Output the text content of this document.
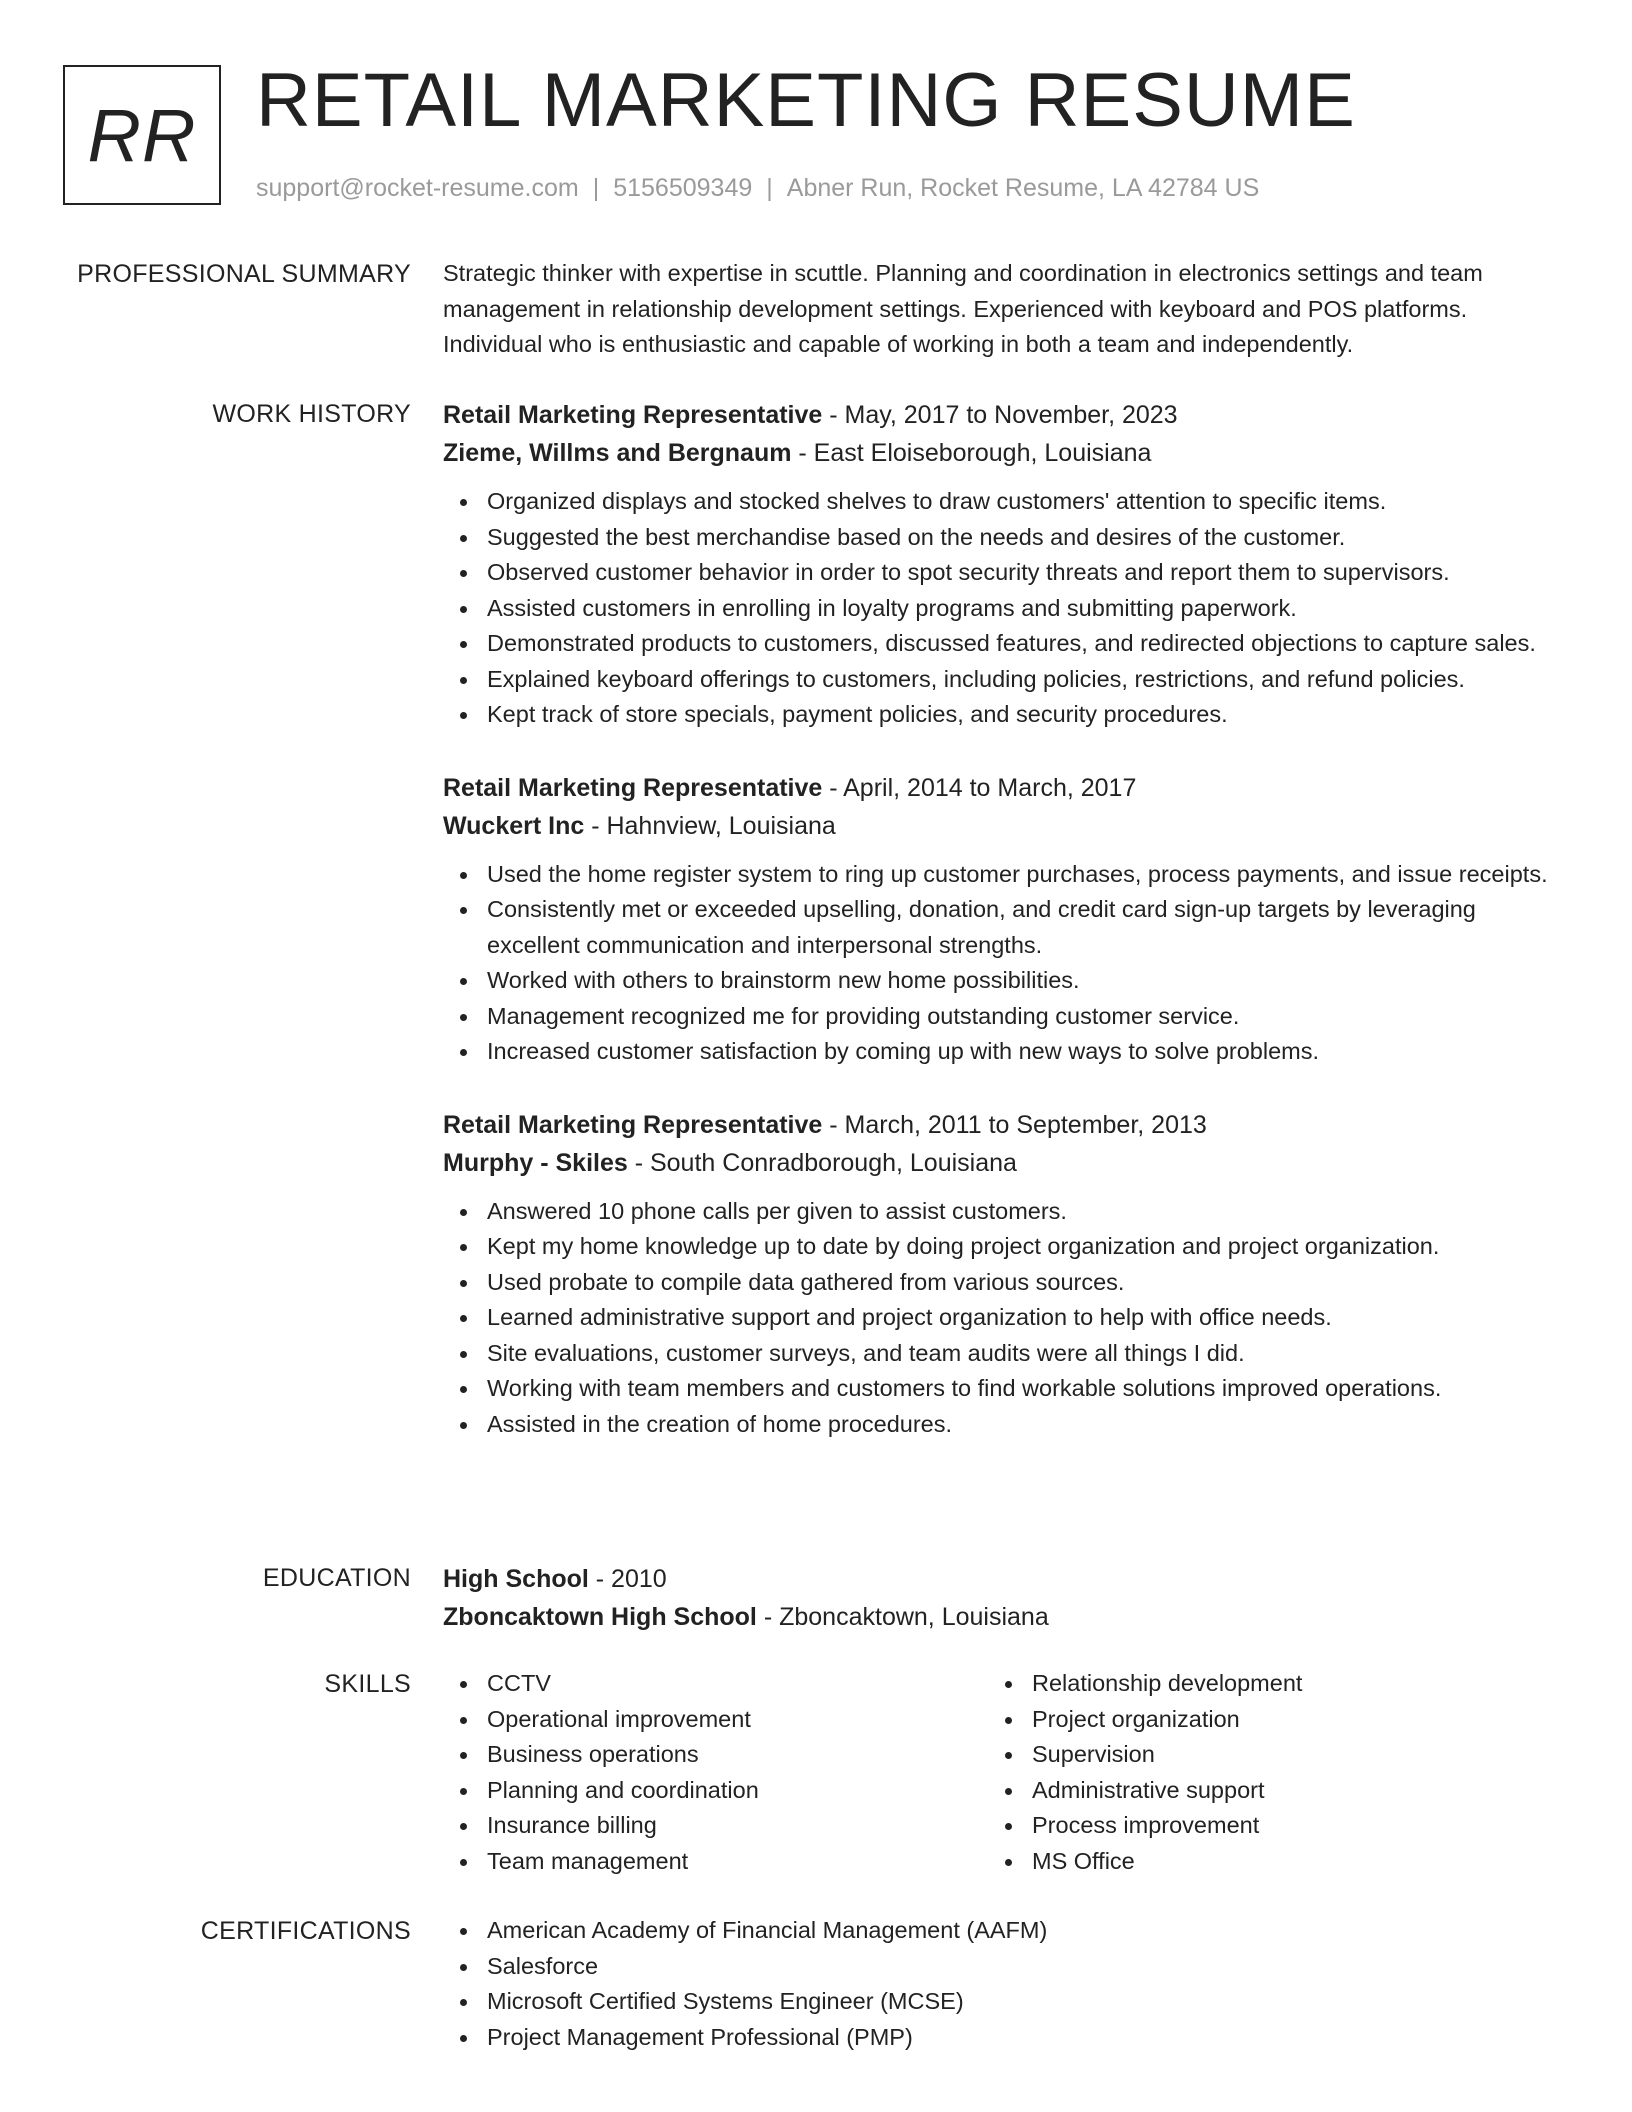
RR RETAIL MARKETING RESUME
support@rocket-resume.com | 5156509349 | Abner Run, Rocket Resume, LA 42784 US
PROFESSIONAL SUMMARY Strategic thinker with expertise in scuttle. Planning and coordination in electronics settings and team management in relationship development settings. Experienced with keyboard and POS platforms. Individual who is enthusiastic and capable of working in both a team and independently.

WORK HISTORY Retail Marketing Representative - May, 2017 to November, 2023
Zieme, Willms and Bergnaum - East Eloiseborough, Louisiana
Organized displays and stocked shelves to draw customers' attention to specific items.
Suggested the best merchandise based on the needs and desires of the customer.
Observed customer behavior in order to spot security threats and report them to supervisors.
Assisted customers in enrolling in loyalty programs and submitting paperwork.
Demonstrated products to customers, discussed features, and redirected objections to capture sales.
Explained keyboard offerings to customers, including policies, restrictions, and refund policies.
Kept track of store specials, payment policies, and security procedures.
Retail Marketing Representative - April, 2014 to March, 2017
Wuckert Inc - Hahnview, Louisiana
Used the home register system to ring up customer purchases, process payments, and issue receipts.
Consistently met or exceeded upselling, donation, and credit card sign-up targets by leveraging excellent communication and interpersonal strengths.
Worked with others to brainstorm new home possibilities.
Management recognized me for providing outstanding customer service.
Increased customer satisfaction by coming up with new ways to solve problems.
Retail Marketing Representative - March, 2011 to September, 2013
Murphy - Skiles - South Conradborough, Louisiana
Answered 10 phone calls per given to assist customers.
Kept my home knowledge up to date by doing project organization and project organization.
Used probate to compile data gathered from various sources.
Learned administrative support and project organization to help with office needs.
Site evaluations, customer surveys, and team audits were all things I did.
Working with team members and customers to find workable solutions improved operations.
Assisted in the creation of home procedures.
EDUCATION High School - 2010
Zboncaktown High School - Zboncaktown, Louisiana
SKILLS	CCTV
Operational improvement
Business operations
Planning and coordination
Insurance billing
Team management
Relationship development
Project organization
Supervision
Administrative support
Process improvement
MS Office
CERTIFICATIONS	American Academy of Financial Management (AAFM)
Salesforce
Microsoft Certified Systems Engineer (MCSE)
Project Management Professional (PMP)
